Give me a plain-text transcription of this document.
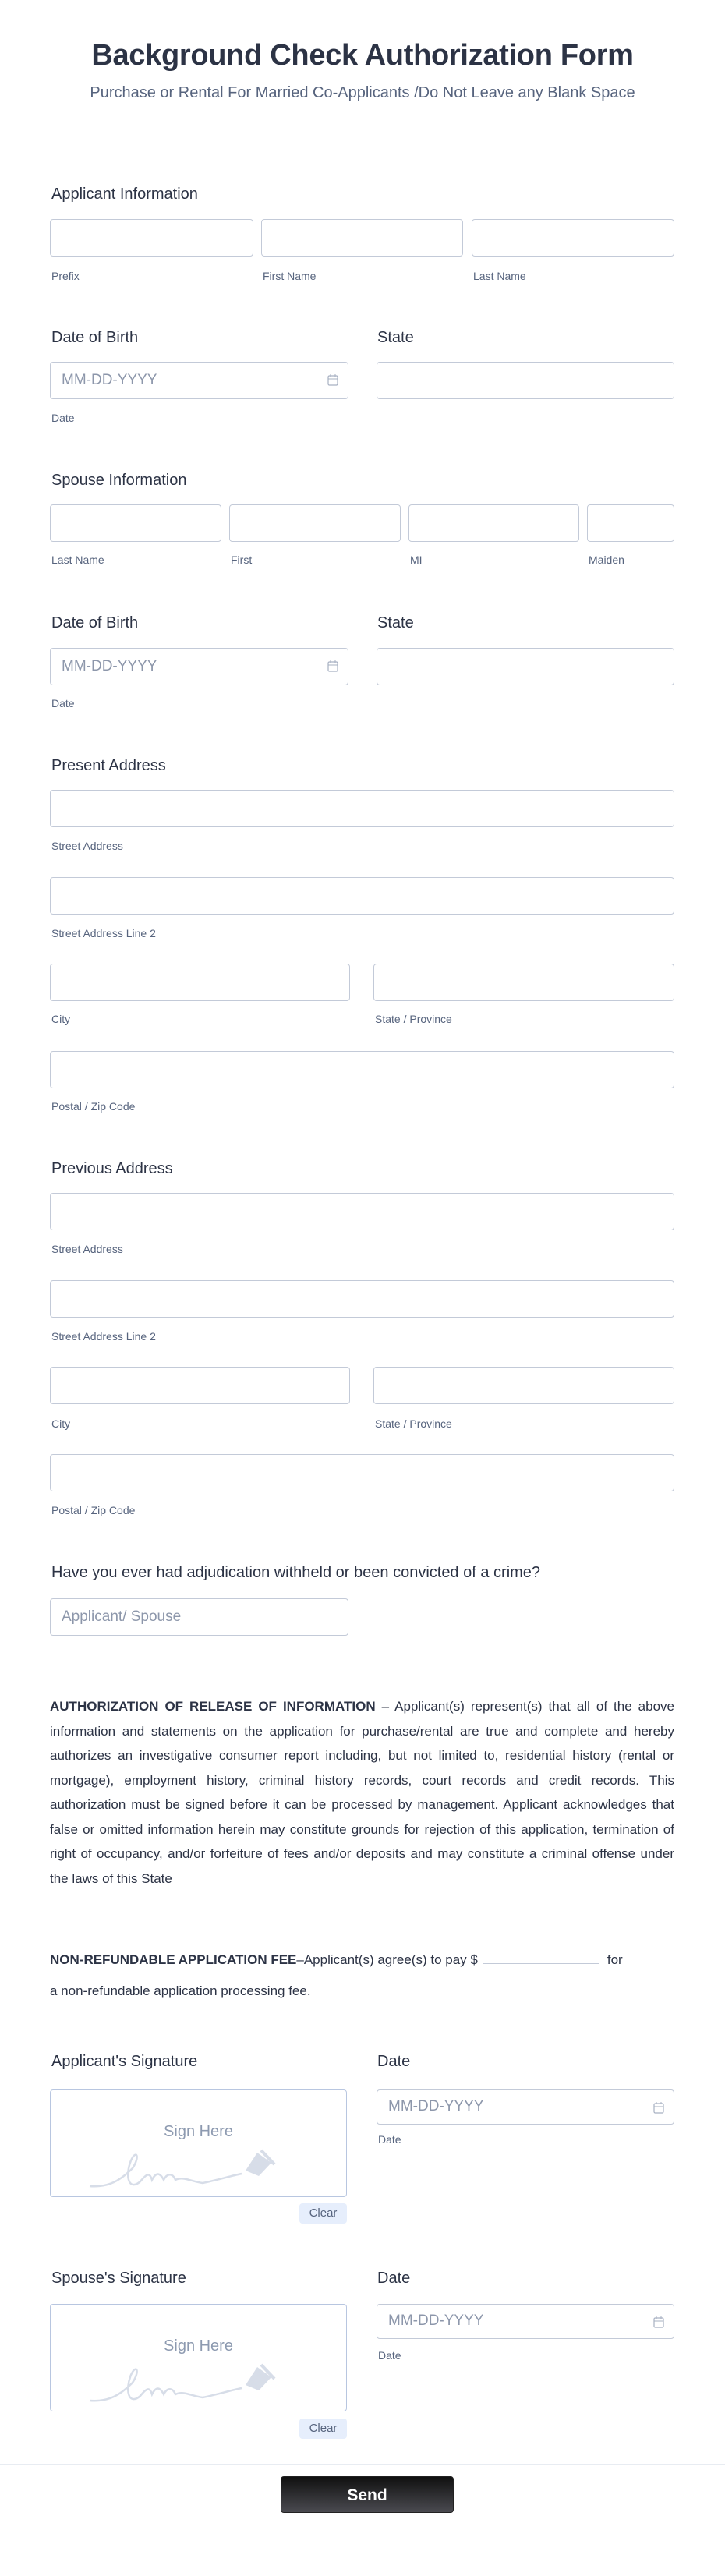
Background Check Authorization Form
Purchase or Rental For Married Co-Applicants /Do Not Leave any Blank Space
Applicant Information
Prefix	First Name	Last Name
Date of Birth	State
MM-DD-YYYY
Date
Spouse Information
Last Name	First	MI	Maiden
Date of Birth	State
MM-DD-YYYY
Date
Present Address
Street Address
Street Address Line 2
City	State / Province
Postal / Zip Code
Previous Address
Street Address
Street Address Line 2
City	State / Province
Postal / Zip Code
Have you ever had adjudication withheld or been convicted of a crime?
Applicant/ Spouse
AUTHORIZATION OF RELEASE OF INFORMATION – Applicant(s) represent(s) that all of the above information and statements on the application for purchase/rental are true and complete and hereby authorizes an investigative consumer report including, but not limited to, residential history (rental or mortgage), employment history, criminal history records, court records and credit records. This authorization must be signed before it can be processed by management. Applicant acknowledges that false or omitted information herein may constitute grounds for rejection of this application, termination of right of occupancy, and/or forfeiture of fees and/or deposits and may constitute a criminal offense under the laws of this State
NON-REFUNDABLE APPLICATION FEE–Applicant(s) agree(s) to pay $	for
a non-refundable application processing fee.
Applicant's Signature	Date
Sign Here
Clear
MM-DD-YYYY
Date
Spouse's Signature	Date
Sign Here
Clear
MM-DD-YYYY
Date
Send
